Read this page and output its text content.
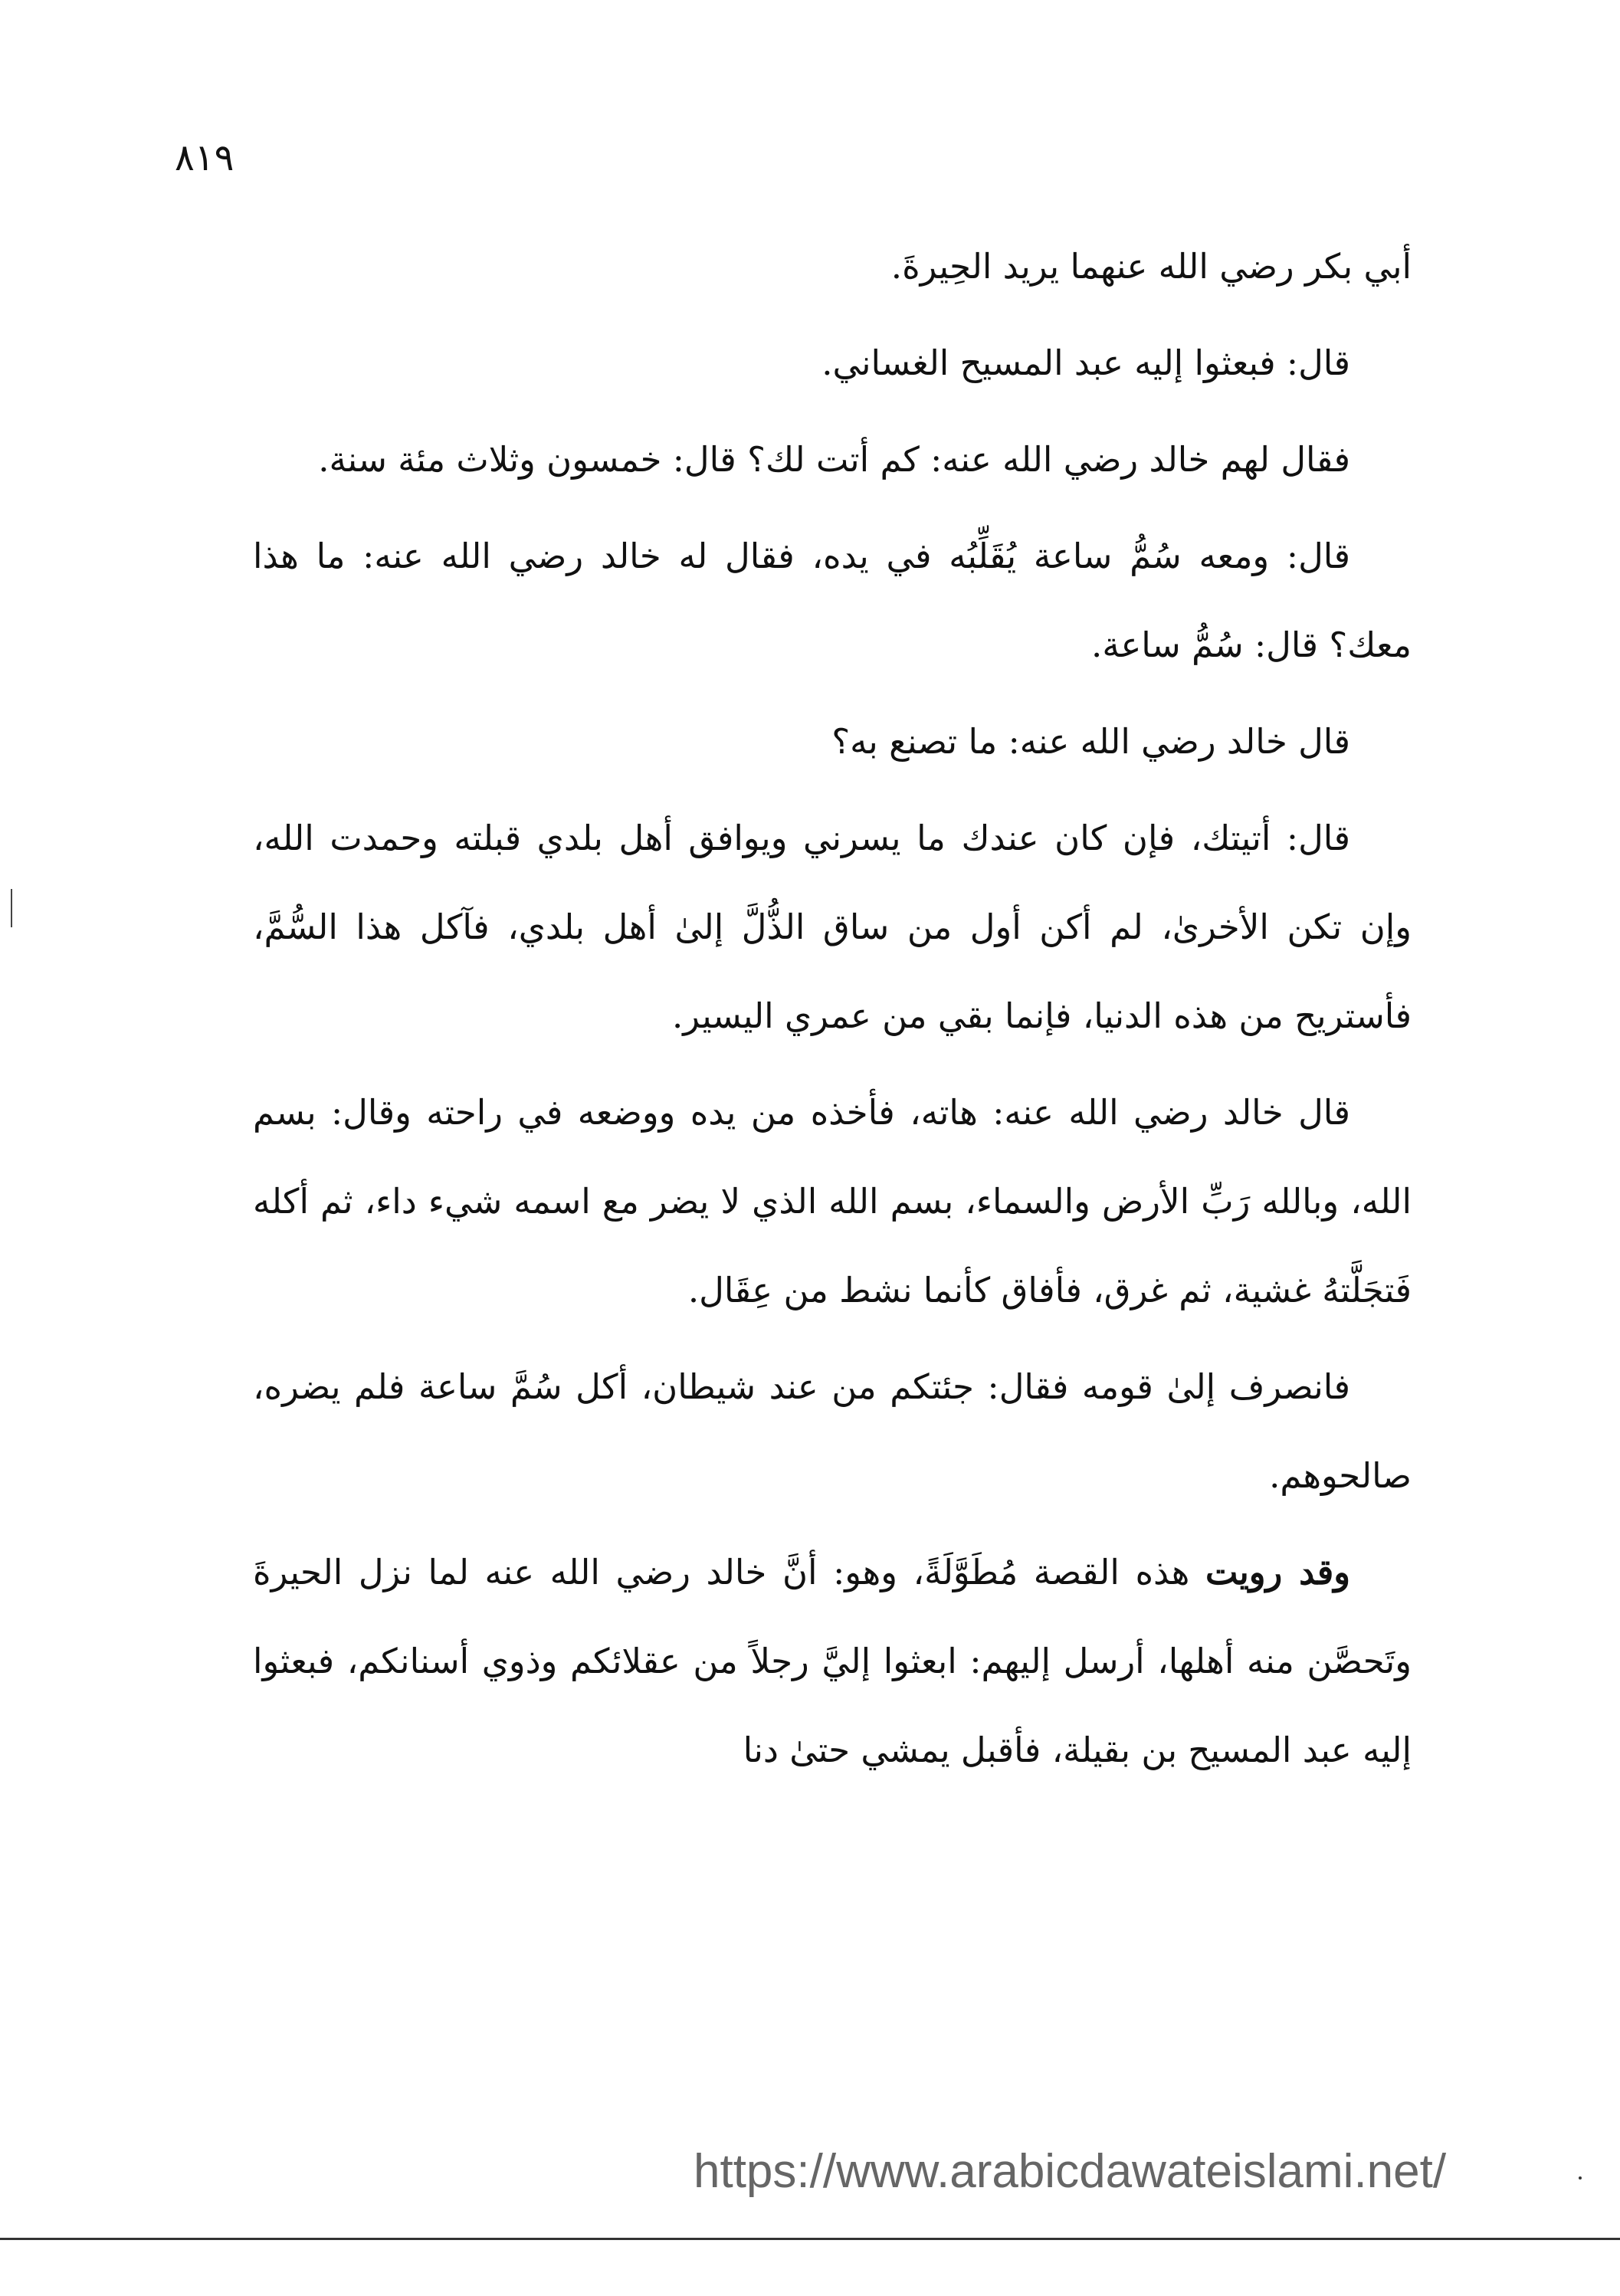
٨١٩

أبي بكر رضي الله عنهما يريد الحِيرةَ.

قال: فبعثوا إليه عبد المسيح الغساني.

فقال لهم خالد رضي الله عنه: كم أتت لك؟ قال: خمسون وثلاث مئة سنة.

قال: ومعه سُمُّ ساعة يُقَلِّبُه في يده، فقال له خالد رضي الله عنه: ما هذا معك؟ قال: سُمُّ ساعة.

قال خالد رضي الله عنه: ما تصنع به؟

قال: أتيتك، فإن كان عندك ما يسرني ويوافق أهل بلدي قبلته وحمدت الله، وإن تكن الأخرىٰ، لم أكن أول من ساق الذُّلَّ إلىٰ أهل بلدي، فآكل هذا السُّمَّ، فأستريح من هذه الدنيا، فإنما بقي من عمري اليسير.

قال خالد رضي الله عنه: هاته، فأخذه من يده ووضعه في راحته وقال: بسم الله، وبالله رَبِّ الأرض والسماء، بسم الله الذي لا يضر مع اسمه شيء داء، ثم أكله فَتجَلَّتهُ غشية، ثم غرق، فأفاق كأنما نشط من عِقَال.

فانصرف إلىٰ قومه فقال: جئتكم من عند شيطان، أكل سُمَّ ساعة فلم يضره، صالحوهم.

وقد رويت هذه القصة مُطَوَّلَةً، وهو: أنَّ خالد رضي الله عنه لما نزل الحيرةَ وتَحصَّن منه أهلها، أرسل إليهم: ابعثوا إليَّ رجلاً من عقلائكم وذوي أسنانكم، فبعثوا إليه عبد المسيح بن بقيلة، فأقبل يمشي حتىٰ دنا

https://www.arabicdawateislami.net/
